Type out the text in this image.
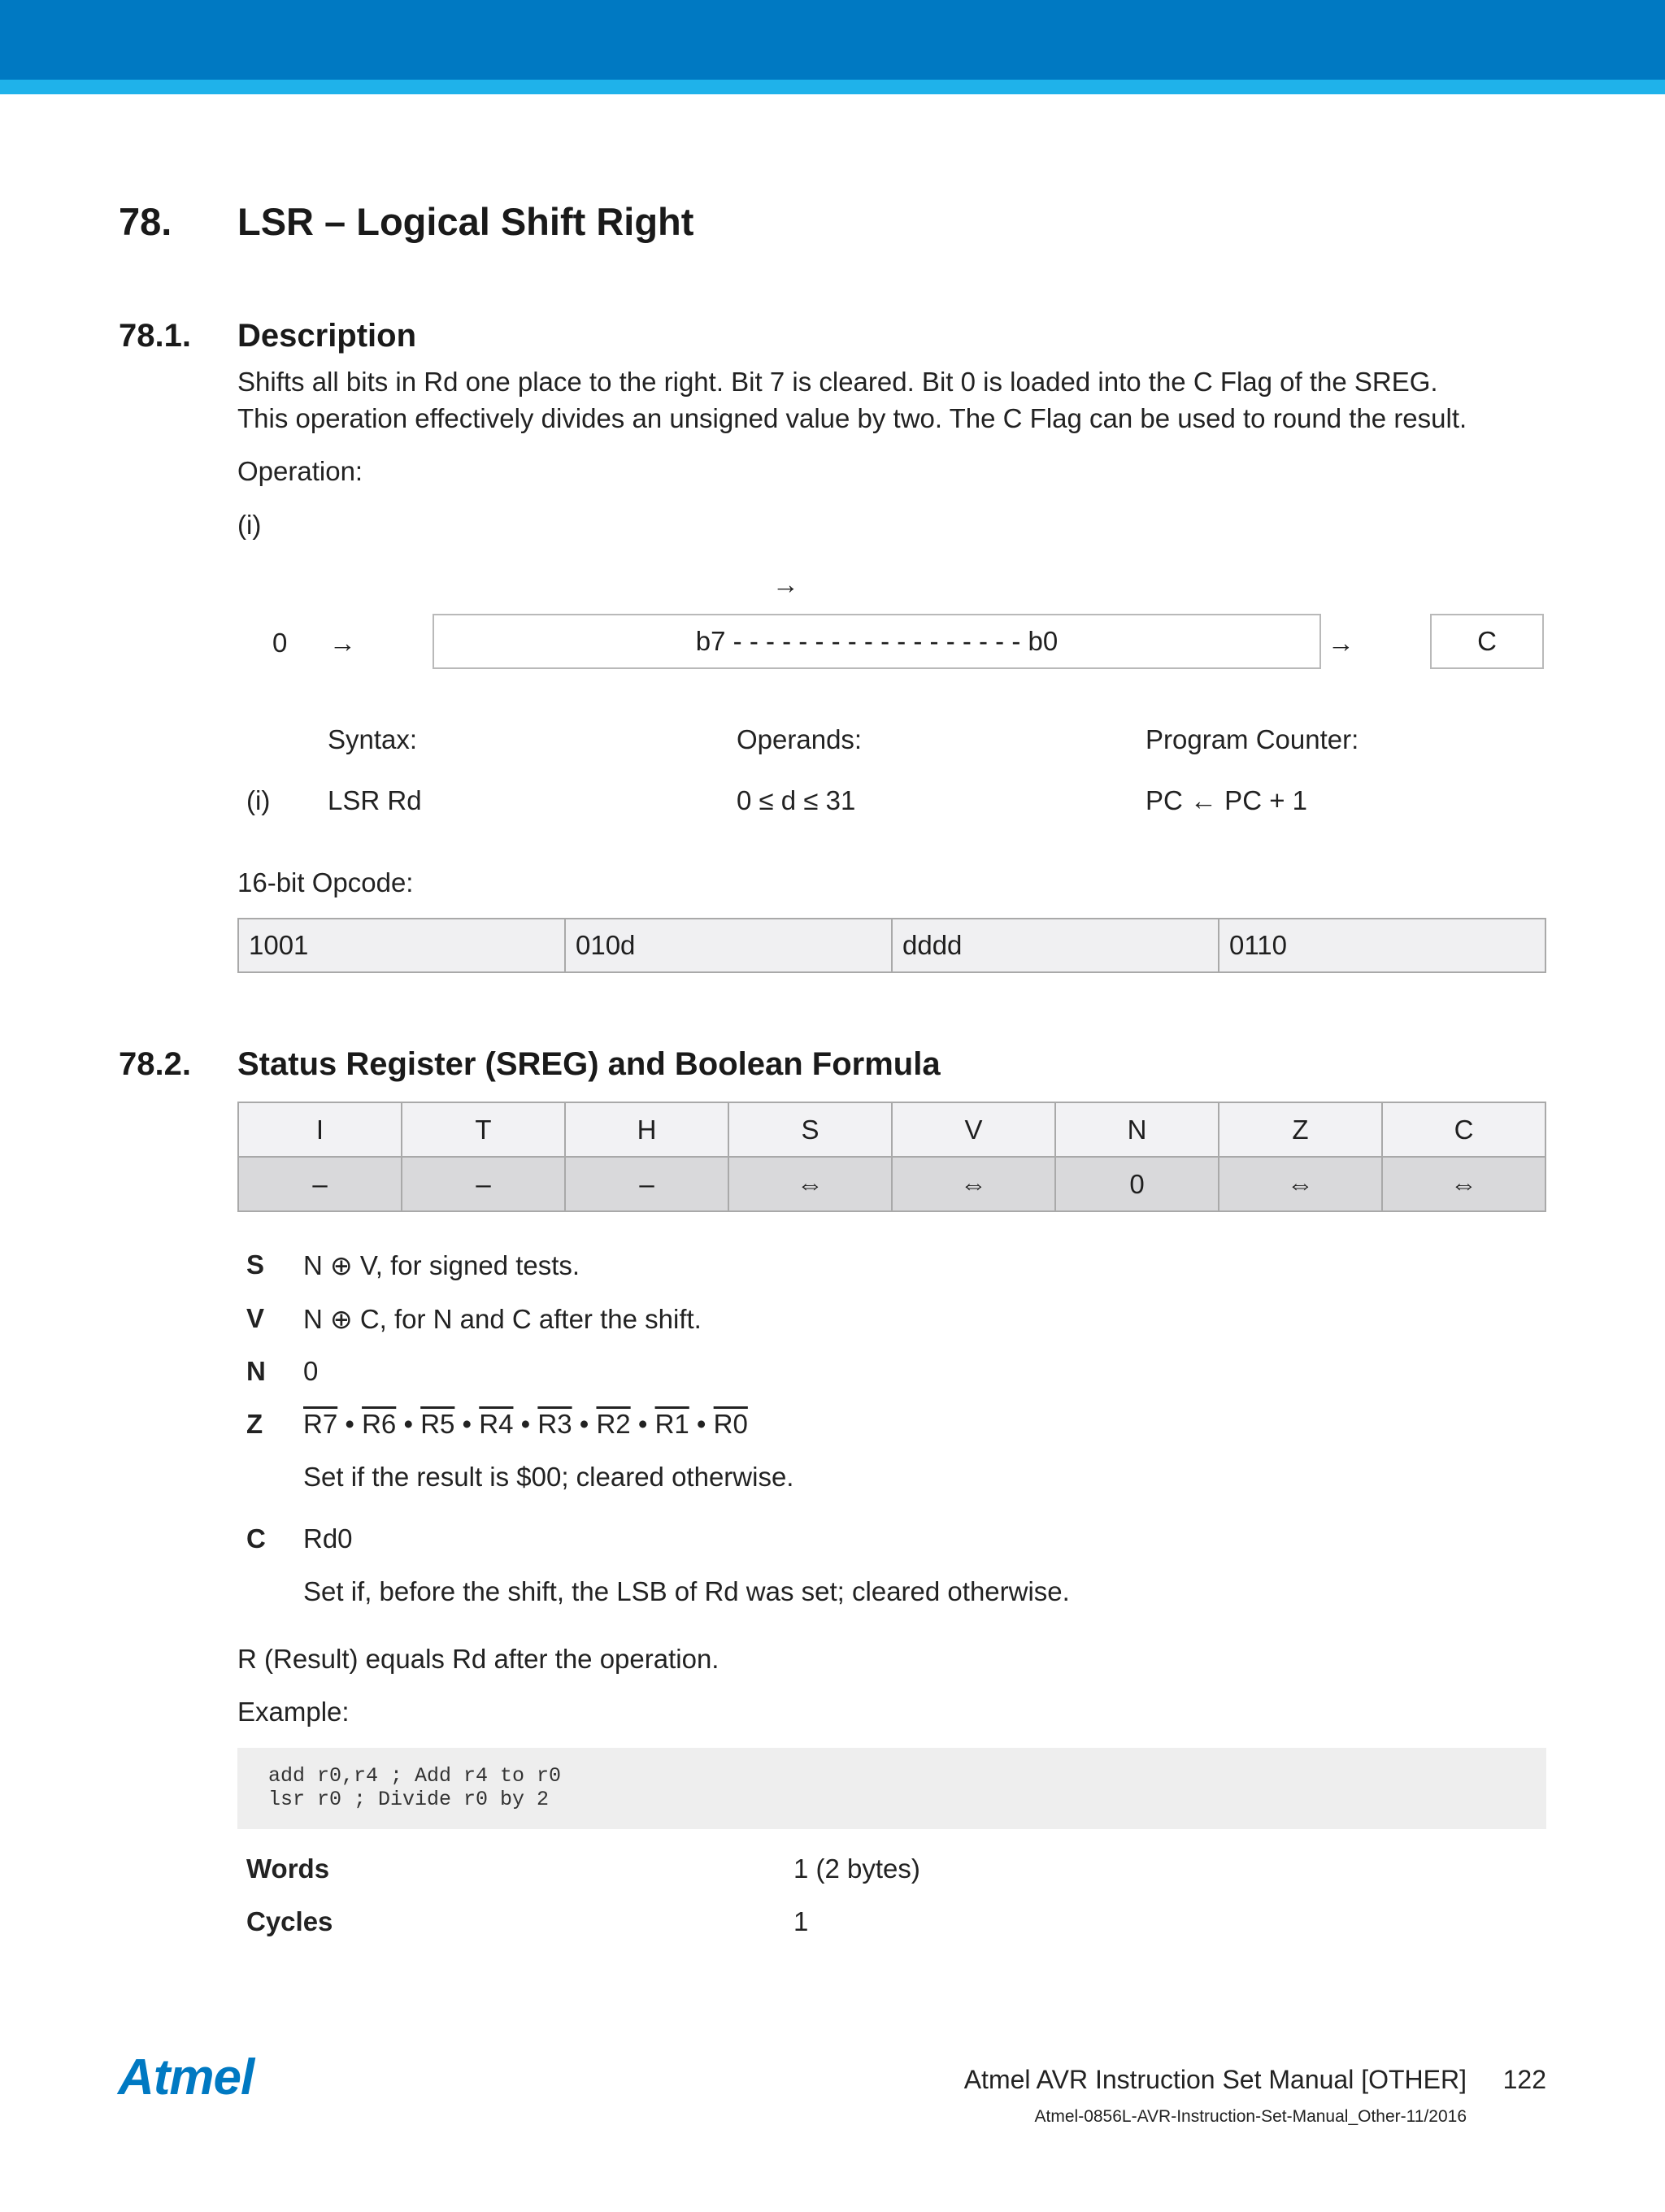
78. LSR – Logical Shift Right
78.1. Description
Shifts all bits in Rd one place to the right. Bit 7 is cleared. Bit 0 is loaded into the C Flag of the SREG.
This operation effectively divides an unsigned value by two. The C Flag can be used to round the result.
Operation:
(i)
→
0 →	b7 - - - - - - - - - - - - - - - - - - b0	→	C
Syntax:	Operands:	Program Counter:
(i) LSR Rd	0 ≤ d ≤ 31	PC ← PC + 1
16-bit Opcode:
1001	010d	dddd	0110
78.2. Status Register (SREG) and Boolean Formula
I	T	H	S	V	N	Z	C
–	–	–	⇔	⇔	0	⇔	⇔
S N ⊕ V, for signed tests.
V N ⊕ C, for N and C after the shift.
N 0
Z R7 • R6 • R5 • R4 • R3 • R2 • R1 • R0
Set if the result is $00; cleared otherwise.
C Rd0
Set if, before the shift, the LSB of Rd was set; cleared otherwise.
R (Result) equals Rd after the operation.
Example:
add r0,r4 ; Add r4 to r0
lsr r0 ; Divide r0 by 2
Words	1 (2 bytes)
Cycles	1
Atmel	Atmel AVR Instruction Set Manual [OTHER] 122
Atmel-0856L-AVR-Instruction-Set-Manual_Other-11/2016
